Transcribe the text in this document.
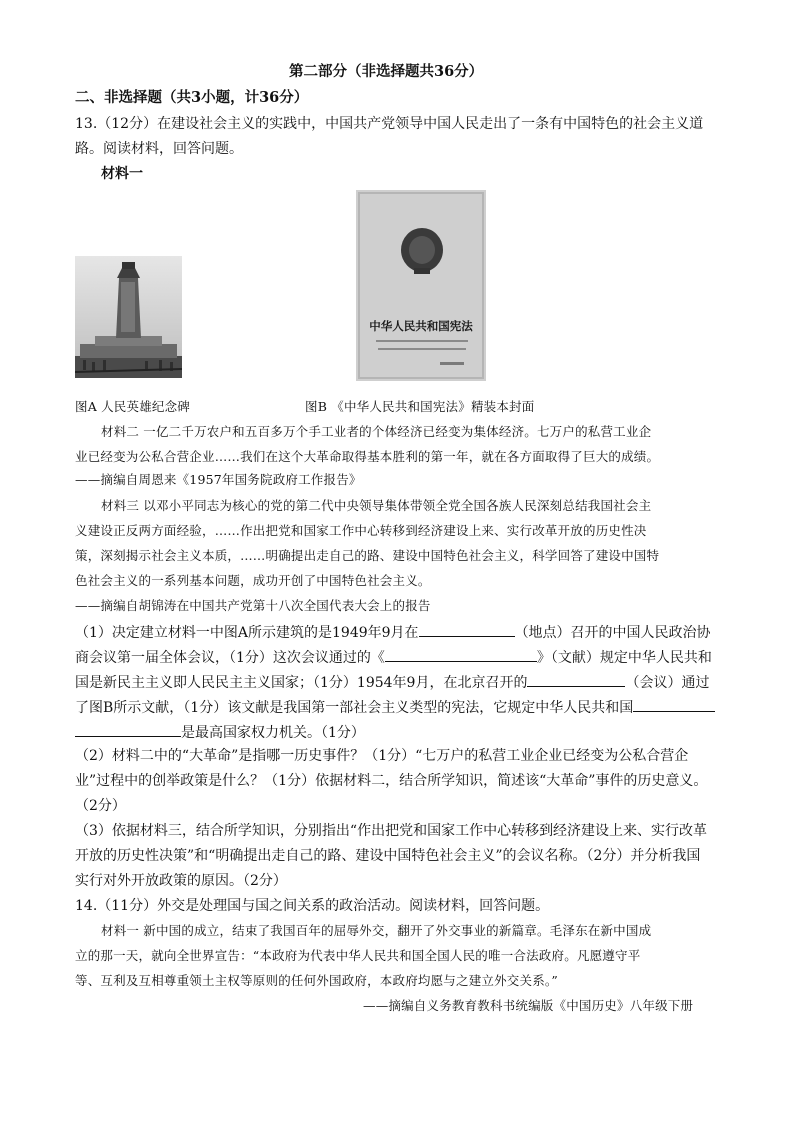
第二部分（非选择题共36分）
二、非选择题（共3小题，计36分）
13.（12分）在建设社会主义的实践中，中国共产党领导中国人民走出了一条有中国特色的社会主义道
路。阅读材料，回答问题。
材料一
中华人民共和国宪法
图A 人民英雄纪念碑	图B 《中华人民共和国宪法》精装本封面
材料二 一亿二千万农户和五百多万个手工业者的个体经济已经变为集体经济。七万户的私营工业企
业已经变为公私合营企业……我们在这个大革命取得基本胜利的第一年，就在各方面取得了巨大的成绩。
——摘编自周恩来《1957年国务院政府工作报告》
材料三 以邓小平同志为核心的党的第二代中央领导集体带领全党全国各族人民深刻总结我国社会主
义建设正反两方面经验，……作出把党和国家工作中心转移到经济建设上来、实行改革开放的历史性决
策，深刻揭示社会主义本质，……明确提出走自己的路、建设中国特色社会主义，科学回答了建设中国特
色社会主义的一系列基本问题，成功开创了中国特色社会主义。
——摘编自胡锦涛在中国共产党第十八次全国代表大会上的报告
（1）决定建立材料一中图A所示建筑的是1949年9月在	（地点）召开的中国人民政治协
商会议第一届全体会议，（1分）这次会议通过的《	》（文献）规定中华人民共和
国是新民主主义即人民民主主义国家；（1分）1954年9月，在北京召开的	（会议）通过
了图B所示文献，（1分）该文献是我国第一部社会主义类型的宪法，它规定中华人民共和国
是最高国家权力机关。（1分）
（2）材料二中的“大革命”是指哪一历史事件？（1分）“七万户的私营工业企业已经变为公私合营企
业”过程中的创举政策是什么？（1分）依据材料二，结合所学知识，简述该“大革命”事件的历史意义。
（2分）
（3）依据材料三，结合所学知识，分别指出“作出把党和国家工作中心转移到经济建设上来、实行改革
开放的历史性决策”和“明确提出走自己的路、建设中国特色社会主义”的会议名称。（2分）并分析我国
实行对外开放政策的原因。（2分）
14.（11分）外交是处理国与国之间关系的政治活动。阅读材料，回答问题。
材料一 新中国的成立，结束了我国百年的屈辱外交，翻开了外交事业的新篇章。毛泽东在新中国成
立的那一天，就向全世界宣告：“本政府为代表中华人民共和国全国人民的唯一合法政府。凡愿遵守平
等、互利及互相尊重领土主权等原则的任何外国政府，本政府均愿与之建立外交关系。”
——摘编自义务教育教科书统编版《中国历史》八年级下册
